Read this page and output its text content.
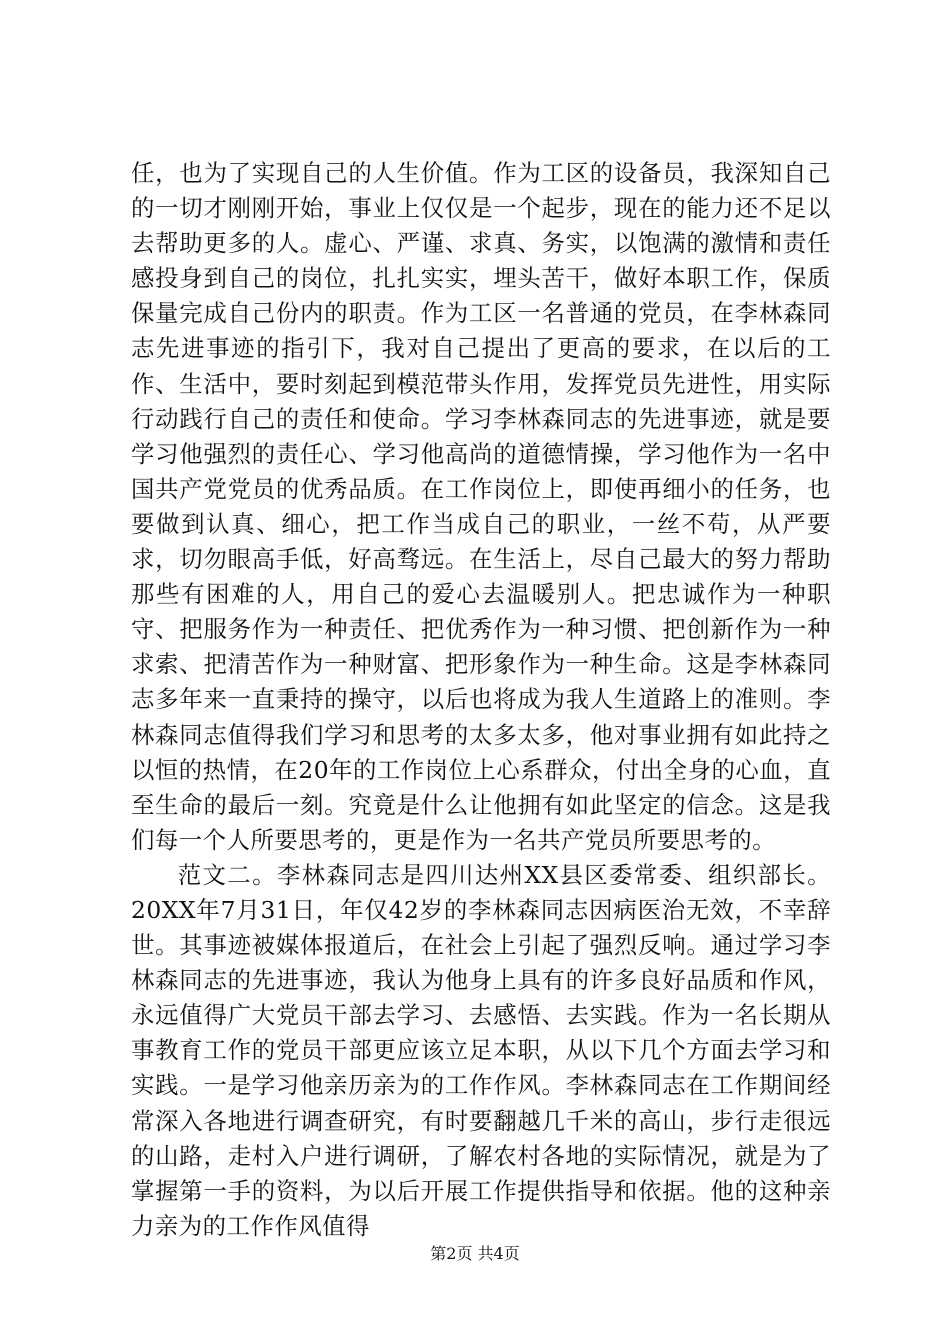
任，也为了实现自己的人生价值。作为工区的设备员，我深知自己的一切才刚刚开始，事业上仅仅是一个起步，现在的能力还不足以去帮助更多的人。虚心、严谨、求真、务实，以饱满的激情和责任感投身到自己的岗位，扎扎实实，埋头苦干，做好本职工作，保质保量完成自己份内的职责。作为工区一名普通的党员，在李林森同志先进事迹的指引下，我对自己提出了更高的要求，在以后的工作、生活中，要时刻起到模范带头作用，发挥党员先进性，用实际行动践行自己的责任和使命。学习李林森同志的先进事迹，就是要学习他强烈的责任心、学习他高尚的道德情操，学习他作为一名中国共产党党员的优秀品质。在工作岗位上，即使再细小的任务，也要做到认真、细心，把工作当成自己的职业，一丝不苟，从严要求，切勿眼高手低，好高骛远。在生活上，尽自己最大的努力帮助那些有困难的人，用自己的爱心去温暖别人。把忠诚作为一种职守、把服务作为一种责任、把优秀作为一种习惯、把创新作为一种求索、把清苦作为一种财富、把形象作为一种生命。这是李林森同志多年来一直秉持的操守，以后也将成为我人生道路上的准则。李林森同志值得我们学习和思考的太多太多，他对事业拥有如此持之以恒的热情，在20年的工作岗位上心系群众，付出全身的心血，直至生命的最后一刻。究竟是什么让他拥有如此坚定的信念。这是我们每一个人所要思考的，更是作为一名共产党员所要思考的。

范文二。李林森同志是四川达州XX县区委常委、组织部长。20XX年7月31日，年仅42岁的李林森同志因病医治无效，不幸辞世。其事迹被媒体报道后，在社会上引起了强烈反响。通过学习李林森同志的先进事迹，我认为他身上具有的许多良好品质和作风，永远值得广大党员干部去学习、去感悟、去实践。作为一名长期从事教育工作的党员干部更应该立足本职，从以下几个方面去学习和实践。一是学习他亲历亲为的工作作风。李林森同志在工作期间经常深入各地进行调查研究，有时要翻越几千米的高山，步行走很远的山路，走村入户进行调研，了解农村各地的实际情况，就是为了掌握第一手的资料，为以后开展工作提供指导和依据。他的这种亲力亲为的工作作风值得

第2页 共4页
